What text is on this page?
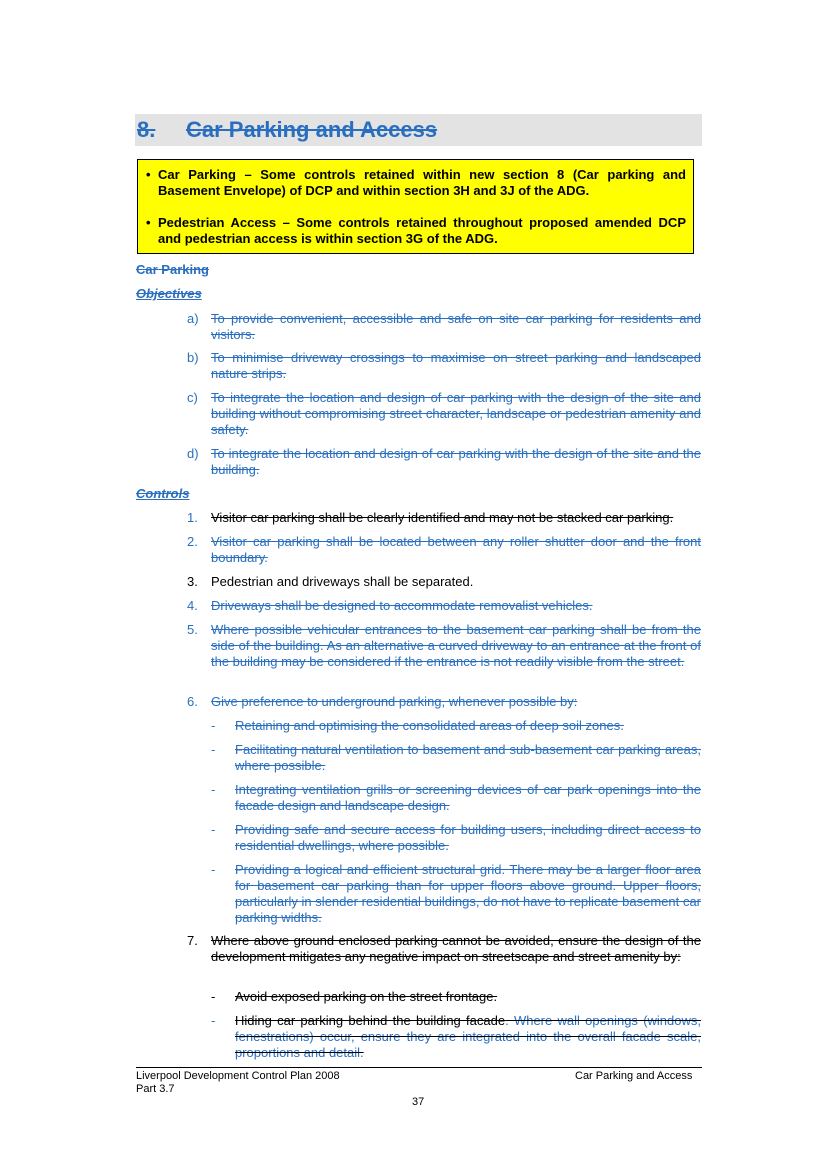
8. Car Parking and Access
• Car Parking – Some controls retained within new section 8 (Car parking and
Basement Envelope) of DCP and within section 3H and 3J of the ADG.
• Pedestrian Access – Some controls retained throughout proposed amended DCP
and pedestrian access is within section 3G of the ADG.
Car Parking
Objectives
a) To provide convenient, accessible and safe on site car parking for residents and visitors.
b) To minimise driveway crossings to maximise on street parking and landscaped nature strips.
c) To integrate the location and design of car parking with the design of the site and building without compromising street character, landscape or pedestrian amenity and safety.
d) To integrate the location and design of car parking with the design of the site and the building.
Controls
1. Visitor car parking shall be clearly identified and may not be stacked car parking.
2. Visitor car parking shall be located between any roller shutter door and the front boundary.
3. Pedestrian and driveways shall be separated.
4. Driveways shall be designed to accommodate removalist vehicles.
5. Where possible vehicular entrances to the basement car parking shall be from the side of the building. As an alternative a curved driveway to an entrance at the front of the building may be considered if the entrance is not readily visible from the street.
6. Give preference to underground parking, whenever possible by:
- Retaining and optimising the consolidated areas of deep soil zones.
- Facilitating natural ventilation to basement and sub-basement car parking areas, where possible.
- Integrating ventilation grills or screening devices of car park openings into the facade design and landscape design.
- Providing safe and secure access for building users, including direct access to residential dwellings, where possible.
- Providing a logical and efficient structural grid. There may be a larger floor area for basement car parking than for upper floors above ground. Upper floors, particularly in slender residential buildings, do not have to replicate basement car parking widths.
7. Where above ground enclosed parking cannot be avoided, ensure the design of the development mitigates any negative impact on streetscape and street amenity by:
- Avoid exposed parking on the street frontage.
- Hiding car parking behind the building facade. Where wall openings (windows, fenestrations) occur, ensure they are integrated into the overall facade scale, proportions and detail.
Liverpool Development Control Plan 2008
Part 3.7
Car Parking and Access
37
